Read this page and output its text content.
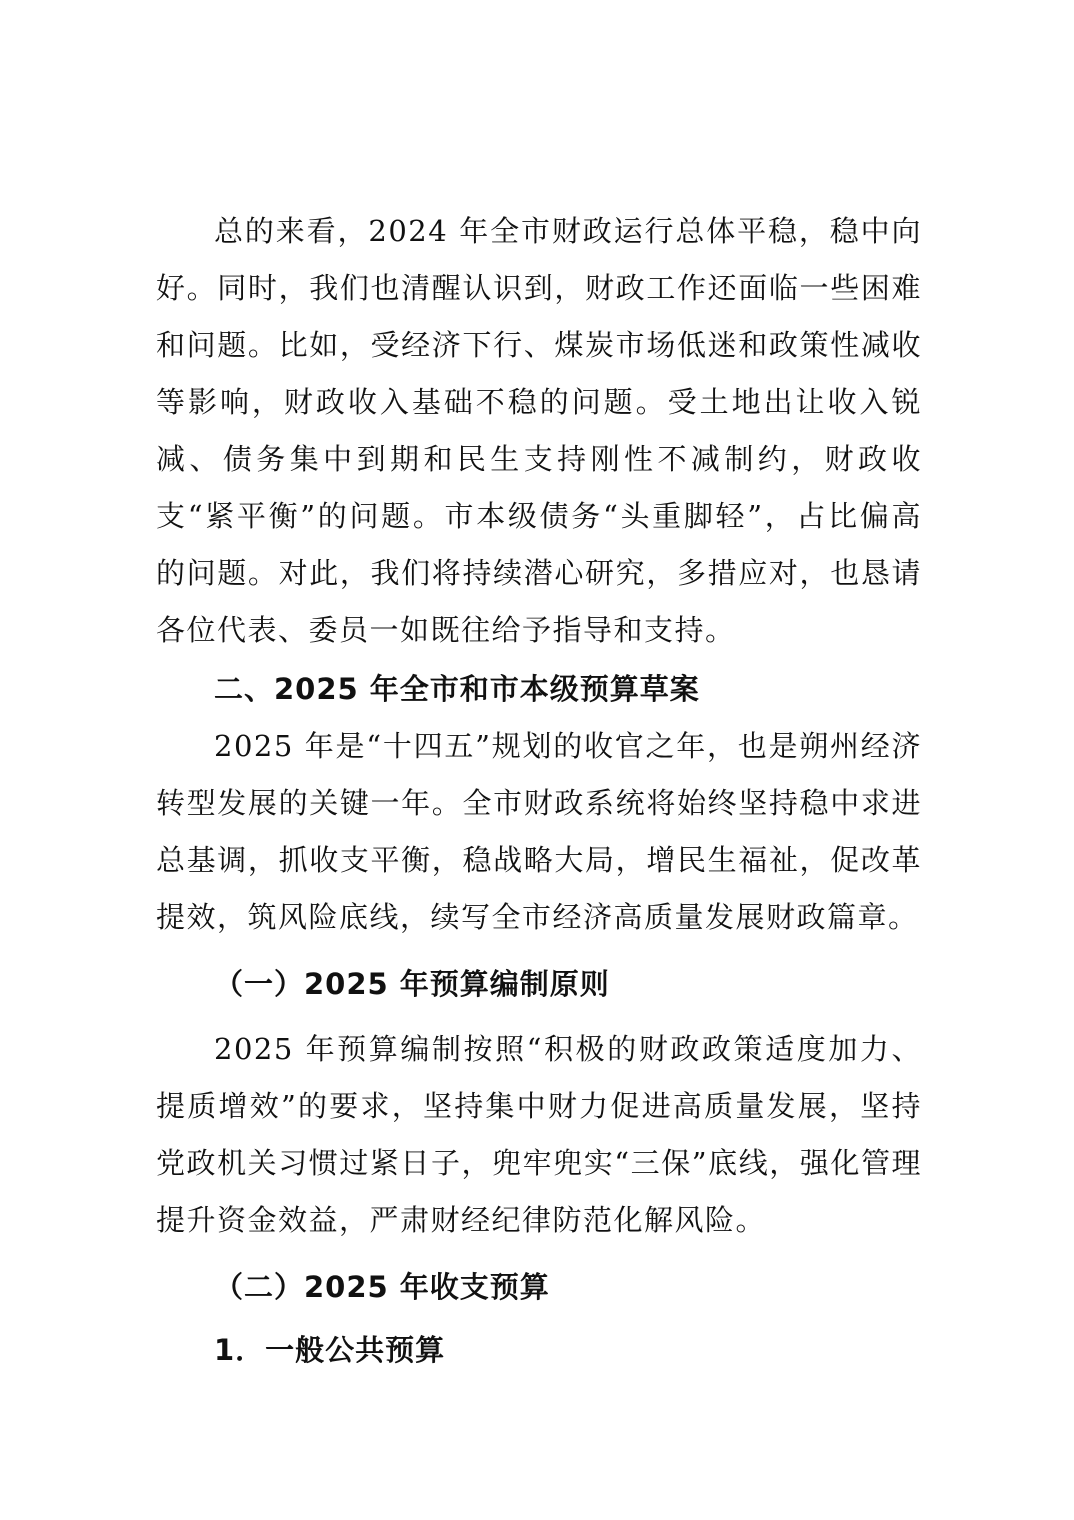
总的来看，2024 年全市财政运行总体平稳，稳中向好。同时，我们也清醒认识到，财政工作还面临一些困难和问题。比如，受经济下行、煤炭市场低迷和政策性减收等影响，财政收入基础不稳的问题。受土地出让收入锐减、债务集中到期和民生支持刚性不减制约，财政收支“紧平衡”的问题。市本级债务“头重脚轻”，占比偏高的问题。对此，我们将持续潜心研究，多措应对，也恳请各位代表、委员一如既往给予指导和支持。

二、2025 年全市和市本级预算草案

2025 年是“十四五”规划的收官之年，也是朔州经济转型发展的关键一年。全市财政系统将始终坚持稳中求进总基调，抓收支平衡，稳战略大局，增民生福祉，促改革提效，筑风险底线，续写全市经济高质量发展财政篇章。

（一）2025 年预算编制原则

2025 年预算编制按照“积极的财政政策适度加力、提质增效”的要求，坚持集中财力促进高质量发展，坚持党政机关习惯过紧日子，兜牢兜实“三保”底线，强化管理提升资金效益，严肃财经纪律防范化解风险。

（二）2025 年收支预算
1．一般公共预算
